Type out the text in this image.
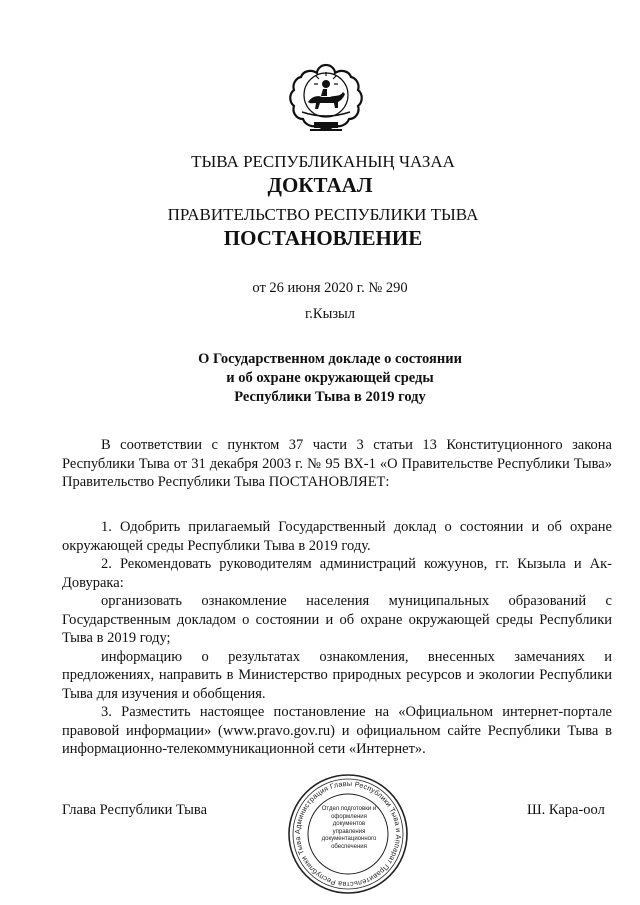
ТЫВА РЕСПУБЛИКАНЫҢ ЧАЗАА
ДОКТААЛ
ПРАВИТЕЛЬСТВО РЕСПУБЛИКИ ТЫВА
ПОСТАНОВЛЕНИЕ
от 26 июня 2020 г. № 290
г.Кызыл
О Государственном докладе о состоянии
и об охране окружающей среды
Республики Тыва в 2019 году
В соответствии с пунктом 37 части 3 статьи 13 Конституционного закона Республики Тыва от 31 декабря 2003 г. № 95 ВХ-1 «О Правительстве Республики Тыва» Правительство Республики Тыва ПОСТАНОВЛЯЕТ:

1. Одобрить прилагаемый Государственный доклад о состоянии и об охране окружающей среды Республики Тыва в 2019 году.

2. Рекомендовать руководителям администраций кожуунов, гг. Кызыла и Ак-Довурака:

организовать ознакомление населения муниципальных образований с Государственным докладом о состоянии и об охране окружающей среды Республики Тыва в 2019 году;

информацию о результатах ознакомления, внесенных замечаниях и предложениях, направить в Министерство природных ресурсов и экологии Республики Тыва для изучения и обобщения.

3. Разместить настоящее постановление на «Официальном интернет-портале правовой информации» (www.pravo.gov.ru) и официальном сайте Республики Тыва в информационно-телекоммуникационной сети «Интернет».

Глава Республики Тыва	Ш. Кара-оол
Администрация Главы Республики Тыва и Аппарат Правительства Республики Тыва
Отдел подготовки и оформления документов управления документационного обеспечения
